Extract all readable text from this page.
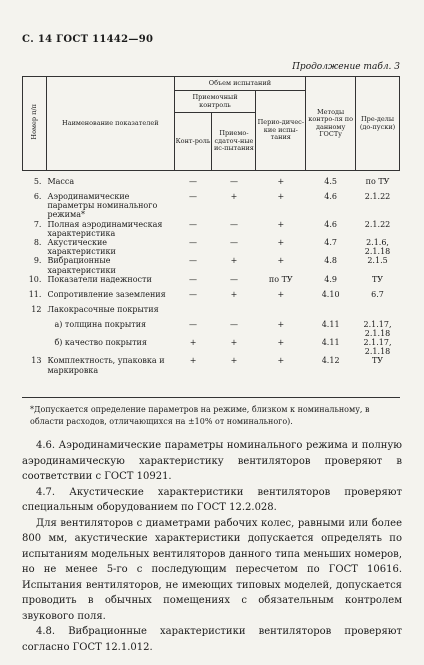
С. 14 ГОСТ 11442—90
Продолжение табл. 3
Номер п/п	Наименование показателей	Объем испытаний			Методы контро-ля по данному ГОСТу	Пре-делы (до-пуски)
		Приемочный контроль		Перио-дичес-кие испы-тания		
		Конт-роль	Приемо-сдаточ-ные ис-пытания			

5.	Масса	—	—	+	4.5	по ТУ
6.	Аэродинамические параметры номинального режима*	—	+	+	4.6	2.1.22
7.	Полная аэродинамическая характеристика	—	—	+	4.6	2.1.22
8.	Акустические характеристики	—	—	+	4.7	2.1.6, 2.1.18
9.	Вибрационные характеристики	—	+	+	4.8	2.1.5
10.	Показатели надежности	—	—	по ТУ	4.9	ТУ
11.	Сопротивление заземления	—	+	+	4.10	6.7
12	Лакокрасочные покрытия					
	а) толщина покрытия	—	—	+	4.11	2.1.17, 2.1.18
	б) качество покрытия	+	+	+	4.11	2.1.17, 2.1.18
13	Комплектность, упаковка и маркировка	+	+	+	4.12	ТУ
*Допускается определение параметров на режиме, близком к номинальному, в области расходов, отличающихся на ±10% от номинального).

4.6. Аэродинамические параметры номинального режима и полную аэродинамическую характеристику вентиляторов проверяют в соответствии с ГОСТ 10921.

4.7. Акустические характеристики вентиляторов проверяют специальным оборудованием по ГОСТ 12.2.028.

Для вентиляторов с диаметрами рабочих колес, равными или более 800 мм, акустические характеристики допускается определять по испытаниям модельных вентиляторов данного типа меньших номеров, но не менее 5-го с последующим пересчетом по ГОСТ 10616. Испытания вентиляторов, не имеющих типовых моделей, допускается проводить в обычных помещениях с обязательным контролем звукового поля.

4.8. Вибрационные характеристики вентиляторов проверяют согласно ГОСТ 12.1.012.
